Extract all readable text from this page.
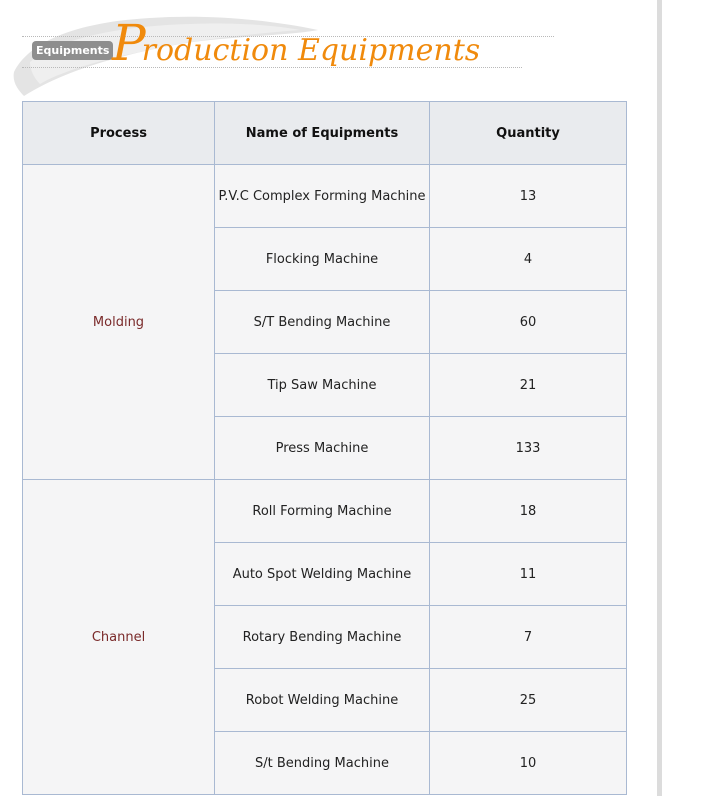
Equipments Production Equipments
Process	Name of Equipments	Quantity
Molding	P.V.C Complex Forming Machine	13
	Flocking Machine	4
	S/T Bending Machine	60
	Tip Saw Machine	21
	Press Machine	133
Channel	Roll Forming Machine	18
	Auto Spot Welding Machine	11
	Rotary Bending Machine	7
	Robot Welding Machine	25
	S/t Bending Machine	10
